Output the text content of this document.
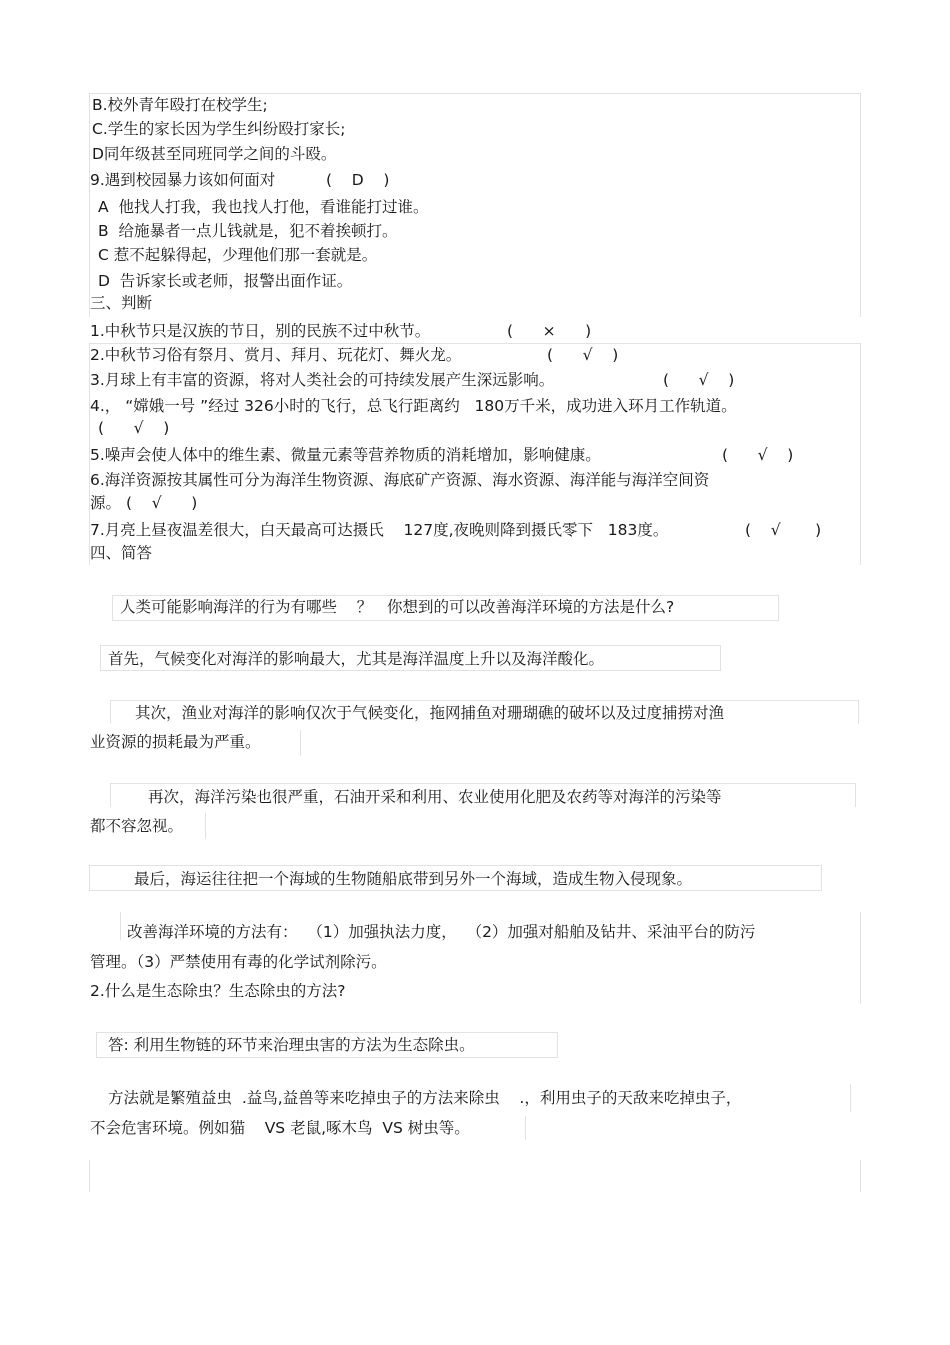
B.校外青年殴打在校学生;
C.学生的家长因为学生纠纷殴打家长;
D同年级甚至同班同学之间的斗殴。
9.遇到校园暴力该如何面对	(    D    )
A  他找人打我，我也找人打他，看谁能打过谁。
B  给施暴者一点儿钱就是，犯不着挨顿打。
C 惹不起躲得起，少理他们那一套就是。
D  告诉家长或老师，报警出面作证。
三、判断
1.中秋节只是汉族的节日，别的民族不过中秋节。	(      ×      )
2.中秋节习俗有祭月、赏月、拜月、玩花灯、舞火龙。	(      √    )
3.月球上有丰富的资源，将对人类社会的可持续发展产生深远影响。	(      √    )
4.， “嫦娥一号 ”经过 326小时的飞行，总飞行距离约   180万千米，成功进入环月工作轨道。
(      √    )
5.噪声会使人体中的维生素、微量元素等营养物质的消耗增加，影响健康。	(      √    )
6.海洋资源按其属性可分为海洋生物资源、海底矿产资源、海水资源、海洋能与海洋空间资
源。 (    √      )
7.月亮上昼夜温差很大，白天最高可达摄氏    127度,夜晚则降到摄氏零下   183度。	(    √       )
四、简答
人类可能影响海洋的行为有哪些    ？   你想到的可以改善海洋环境的方法是什么?
首先，气候变化对海洋的影响最大，尤其是海洋温度上升以及海洋酸化。
其次，渔业对海洋的影响仅次于气候变化，拖网捕鱼对珊瑚礁的破坏以及过度捕捞对渔
业资源的损耗最为严重。
再次，海洋污染也很严重，石油开采和利用、农业使用化肥及农药等对海洋的污染等
都不容忽视。
最后，海运往往把一个海域的生物随船底带到另外一个海域，造成生物入侵现象。
改善海洋环境的方法有：  （1）加强执法力度，  （2）加强对船舶及钻井、采油平台的防污
管理。（3）严禁使用有毒的化学试剂除污。
2.什么是生态除虫？生态除虫的方法?
答: 利用生物链的环节来治理虫害的方法为生态除虫。
方法就是繁殖益虫  .益鸟,益兽等来吃掉虫子的方法来除虫    .，利用虫子的天敌来吃掉虫子，
不会危害环境。例如猫    VS 老鼠,啄木鸟  VS 树虫等。
